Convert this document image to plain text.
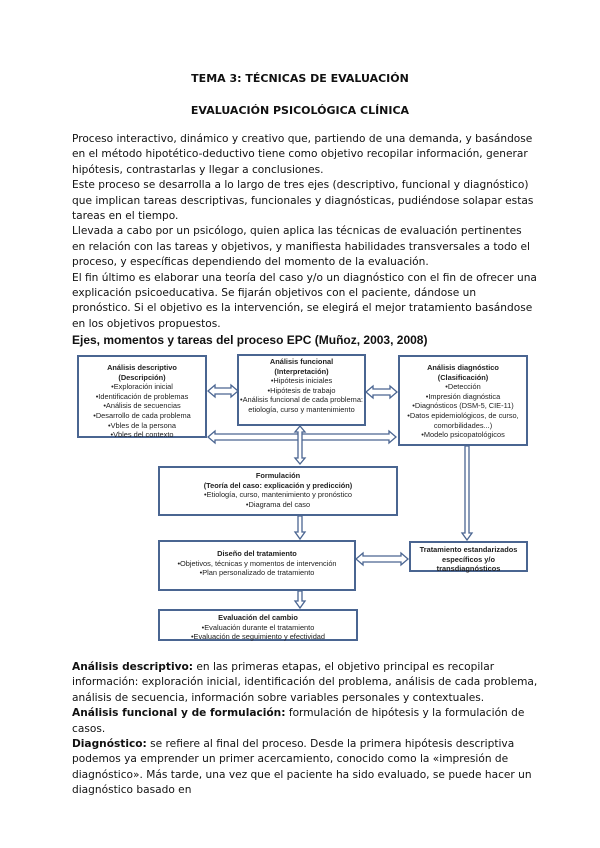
TEMA 3: TÉCNICAS DE EVALUACIÓN
EVALUACIÓN PSICOLÓGICA CLÍNICA

Proceso interactivo, dinámico y creativo que, partiendo de una demanda, y basándose en el método hipotético-deductivo tiene como objetivo recopilar información, generar hipótesis, contrastarlas y llegar a conclusiones.

Este proceso se desarrolla a lo largo de tres ejes (descriptivo, funcional y diagnóstico) que implican tareas descriptivas, funcionales y diagnósticas, pudiéndose solapar estas tareas en el tiempo.

Llevada a cabo por un psicólogo, quien aplica las técnicas de evaluación pertinentes en relación con las tareas y objetivos, y manifiesta habilidades transversales a todo el proceso, y específicas dependiendo del momento de la evaluación.

El fin último es elaborar una teoría del caso y/o un diagnóstico con el fin de ofrecer una explicación psicoeducativa. Se fijarán objetivos con el paciente, dándose un pronóstico. Si el objetivo es la intervención, se elegirá el mejor tratamiento basándose en los objetivos propuestos.

Ejes, momentos y tareas del proceso EPC (Muñoz, 2003, 2008)
Análisis descriptivo
(Descripción)
•Exploración inicial
•Identificación de problemas
•Análisis de secuencias
•Desarrollo de cada problema
•Vbles de la persona
•Vbles del contexto
Análisis funcional
(Interpretación)
•Hipótesis iniciales
•Hipótesis de trabajo
•Análisis funcional de cada problema: etiología, curso y mantenimiento
Análisis diagnóstico
(Clasificación)
•Detección
•Impresión diagnóstica
•Diagnósticos (DSM-5, CIE-11)
•Datos epidemiológicos, de curso, comorbilidades...)
•Modelo psicopatológicos
Formulación
(Teoría del caso: explicación y predicción)
•Etiología, curso, mantenimiento y pronóstico
•Diagrama del caso
Diseño del tratamiento
•Objetivos, técnicas y momentos de intervención
•Plan personalizado de tratamiento
Tratamiento estandarizados específicos y/o transdiagnósticos
Evaluación del cambio
•Evaluación durante el tratamiento
•Evaluación de seguimiento y efectividad

Análisis descriptivo: en las primeras etapas, el objetivo principal es recopilar información: exploración inicial, identificación del problema, análisis de cada problema, análisis de secuencia, información sobre variables personales y contextuales.

Análisis funcional y de formulación: formulación de hipótesis y la formulación de casos.

Diagnóstico: se refiere al final del proceso. Desde la primera hipótesis descriptiva podemos ya emprender un primer acercamiento, conocido como la «impresión de diagnóstico». Más tarde, una vez que el paciente ha sido evaluado, se puede hacer un diagnóstico basado en
